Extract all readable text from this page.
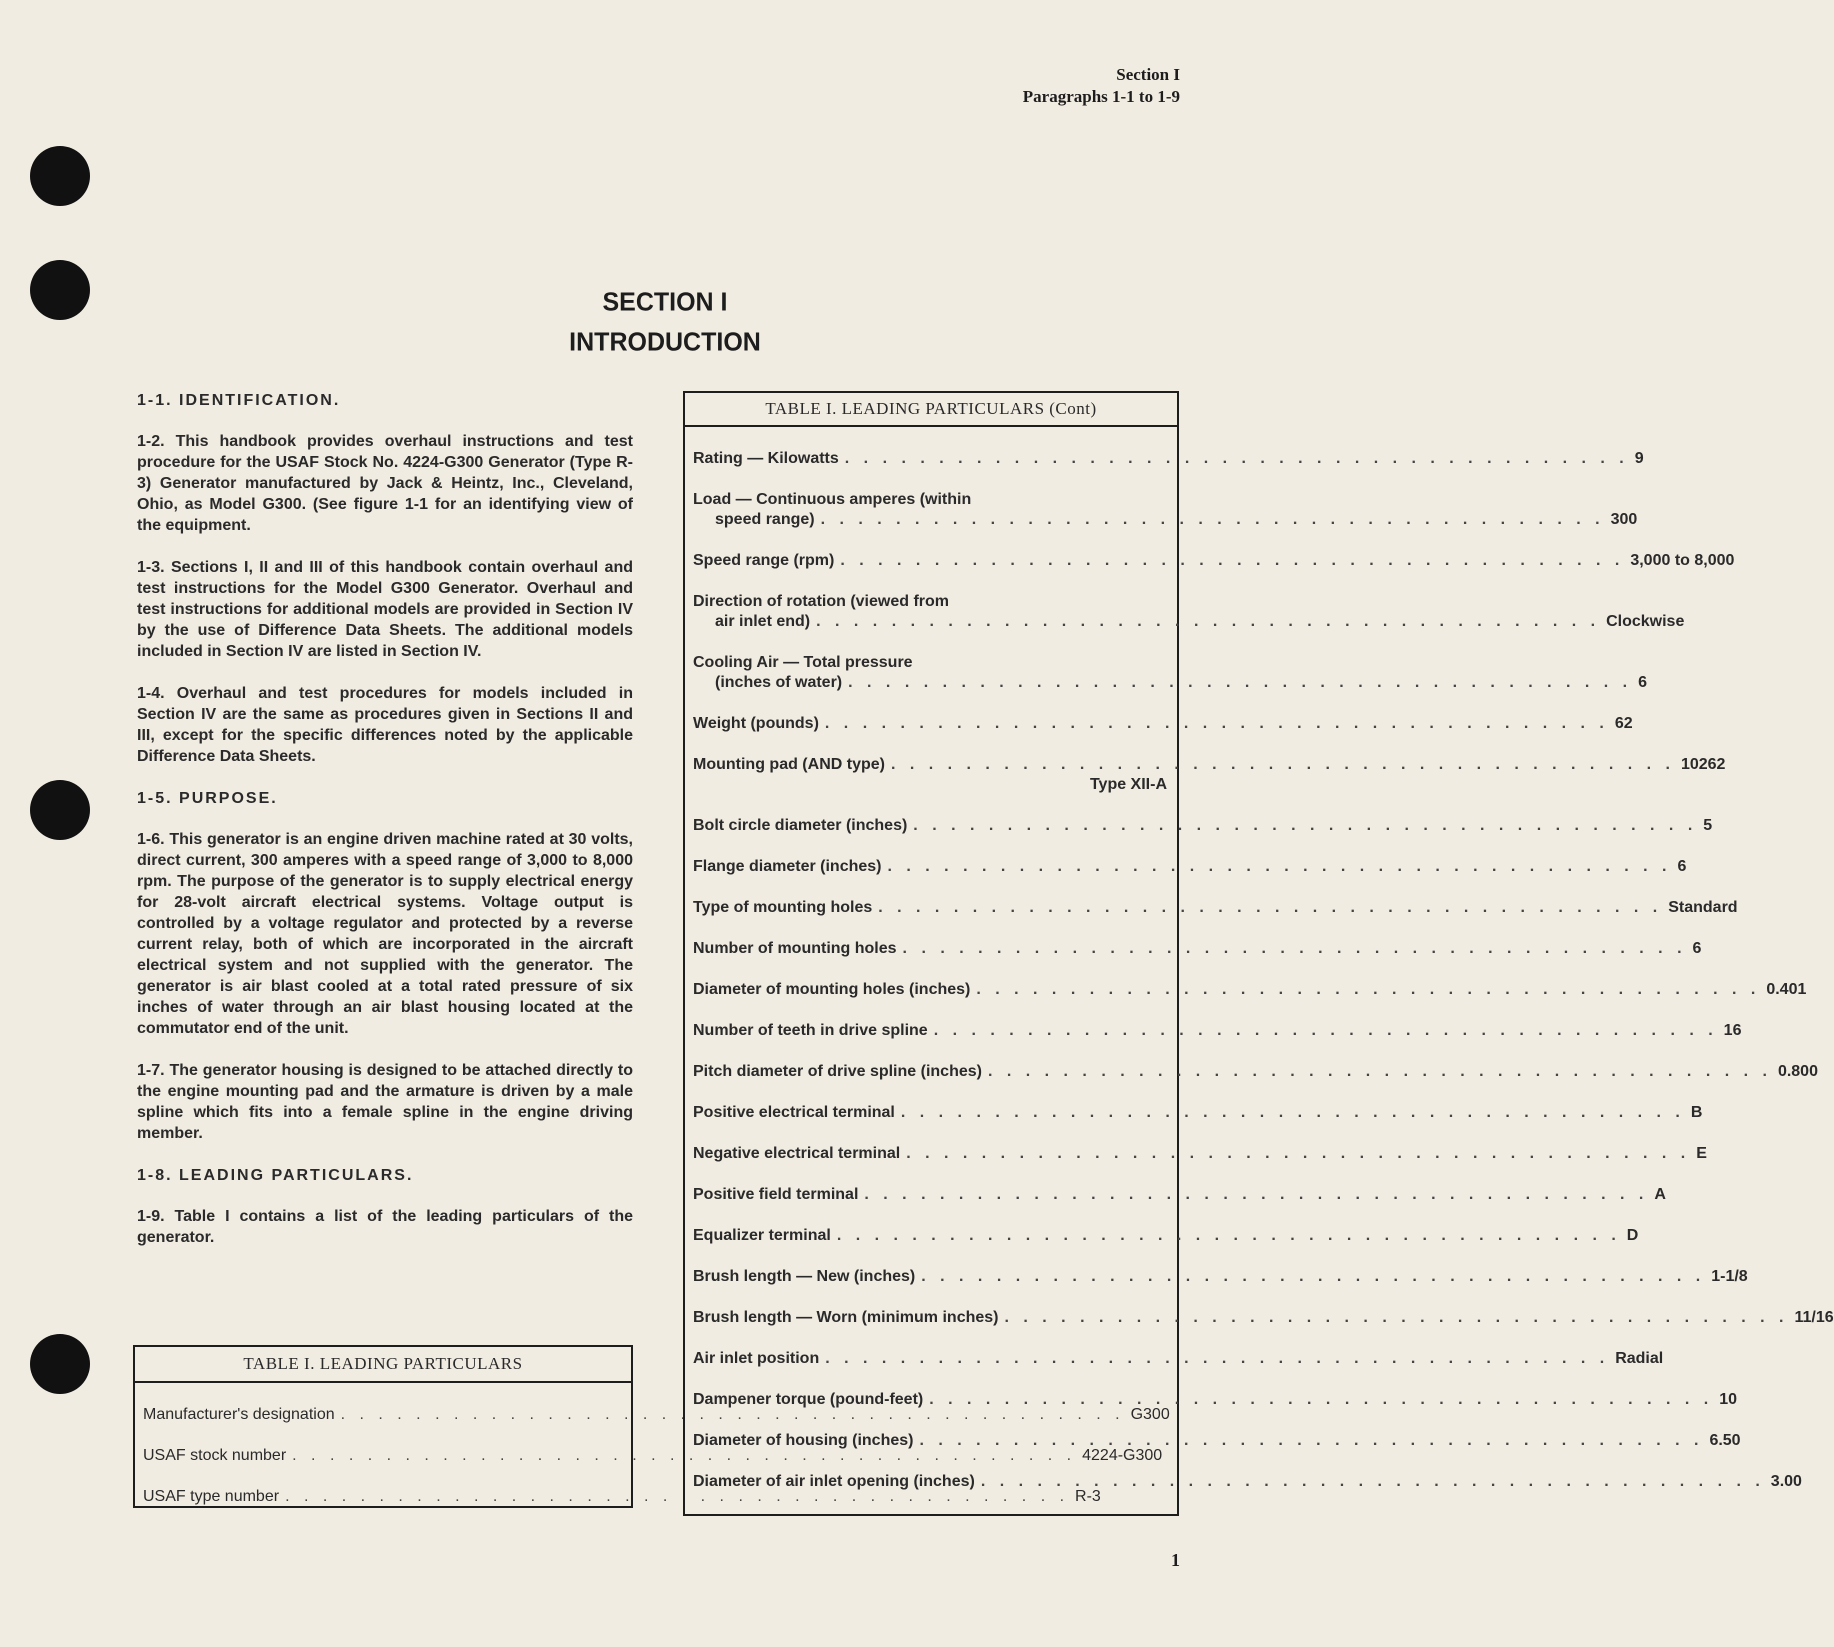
Section I
Paragraphs 1-1 to 1-9
SECTION I
INTRODUCTION

1-1. IDENTIFICATION.

1-2. This handbook provides overhaul instructions and test procedure for the USAF Stock No. 4224-G300 Generator (Type R-3) Generator manufactured by Jack & Heintz, Inc., Cleveland, Ohio, as Model G300. (See figure 1-1 for an identifying view of the equipment.

1-3. Sections I, II and III of this handbook contain overhaul and test instructions for the Model G300 Generator. Overhaul and test instructions for additional models are provided in Section IV by the use of Difference Data Sheets. The additional models included in Section IV are listed in Section IV.

1-4. Overhaul and test procedures for models included in Section IV are the same as procedures given in Sections II and III, except for the specific differences noted by the applicable Difference Data Sheets.

1-5. PURPOSE.

1-6. This generator is an engine driven machine rated at 30 volts, direct current, 300 amperes with a speed range of 3,000 to 8,000 rpm. The purpose of the generator is to supply electrical energy for 28-volt aircraft electrical systems. Voltage output is controlled by a voltage regulator and protected by a reverse current relay, both of which are incorporated in the aircraft electrical system and not supplied with the generator. The generator is air blast cooled at a total rated pressure of six inches of water through an air blast housing located at the commutator end of the unit.

1-7. The generator housing is designed to be attached directly to the engine mounting pad and the armature is driven by a male spline which fits into a female spline in the engine driving member.

1-8. LEADING PARTICULARS.

1-9. Table I contains a list of the leading particulars of the generator.

TABLE I. LEADING PARTICULARS
Manufacturer's designation . . . . . . . . . . . . . . . . . . . . . . . . . . . . . . . . . . . . . . . . . . G300
USAF stock number . . . . . . . . . . . . . . . . . . . . . . . . . . . . . . . . . . . . . . . . . . 4224-G300
USAF type number . . . . . . . . . . . . . . . . . . . . . . . . . . . . . . . . . . . . . . . . . . R-3
TABLE I. LEADING PARTICULARS (Cont)
Rating — Kilowatts . . . . . . . . . . . . . . . . . . . . . . . . . . . . . . . . . . . . . . . . . . 9
Load — Continuous amperes (within
speed range) . . . . . . . . . . . . . . . . . . . . . . . . . . . . . . . . . . . . . . . . . . 300
Speed range (rpm) . . . . . . . . . . . . . . . . . . . . . . . . . . . . . . . . . . . . . . . . . . 3,000 to 8,000
Direction of rotation (viewed from
air inlet end) . . . . . . . . . . . . . . . . . . . . . . . . . . . . . . . . . . . . . . . . . . Clockwise
Cooling Air — Total pressure
(inches of water) . . . . . . . . . . . . . . . . . . . . . . . . . . . . . . . . . . . . . . . . . . 6
Weight (pounds) . . . . . . . . . . . . . . . . . . . . . . . . . . . . . . . . . . . . . . . . . . 62
Mounting pad (AND type) . . . . . . . . . . . . . . . . . . . . . . . . . . . . . . . . . . . . . . . . . . 10262
Type XII-A
Bolt circle diameter (inches) . . . . . . . . . . . . . . . . . . . . . . . . . . . . . . . . . . . . . . . . . . 5
Flange diameter (inches) . . . . . . . . . . . . . . . . . . . . . . . . . . . . . . . . . . . . . . . . . . 6
Type of mounting holes . . . . . . . . . . . . . . . . . . . . . . . . . . . . . . . . . . . . . . . . . . Standard
Number of mounting holes . . . . . . . . . . . . . . . . . . . . . . . . . . . . . . . . . . . . . . . . . . 6
Diameter of mounting holes (inches) . . . . . . . . . . . . . . . . . . . . . . . . . . . . . . . . . . . . . . . . . . 0.401
Number of teeth in drive spline . . . . . . . . . . . . . . . . . . . . . . . . . . . . . . . . . . . . . . . . . . 16
Pitch diameter of drive spline (inches) . . . . . . . . . . . . . . . . . . . . . . . . . . . . . . . . . . . . . . . . . . 0.800
Positive electrical terminal . . . . . . . . . . . . . . . . . . . . . . . . . . . . . . . . . . . . . . . . . . B
Negative electrical terminal . . . . . . . . . . . . . . . . . . . . . . . . . . . . . . . . . . . . . . . . . . E
Positive field terminal . . . . . . . . . . . . . . . . . . . . . . . . . . . . . . . . . . . . . . . . . . A
Equalizer terminal . . . . . . . . . . . . . . . . . . . . . . . . . . . . . . . . . . . . . . . . . . D
Brush length — New (inches) . . . . . . . . . . . . . . . . . . . . . . . . . . . . . . . . . . . . . . . . . . 1-1/8
Brush length — Worn (minimum inches) . . . . . . . . . . . . . . . . . . . . . . . . . . . . . . . . . . . . . . . . . . 11/16
Air inlet position . . . . . . . . . . . . . . . . . . . . . . . . . . . . . . . . . . . . . . . . . . Radial
Dampener torque (pound-feet) . . . . . . . . . . . . . . . . . . . . . . . . . . . . . . . . . . . . . . . . . . 10
Diameter of housing (inches) . . . . . . . . . . . . . . . . . . . . . . . . . . . . . . . . . . . . . . . . . . 6.50
Diameter of air inlet opening (inches) . . . . . . . . . . . . . . . . . . . . . . . . . . . . . . . . . . . . . . . . . . 3.00
1
